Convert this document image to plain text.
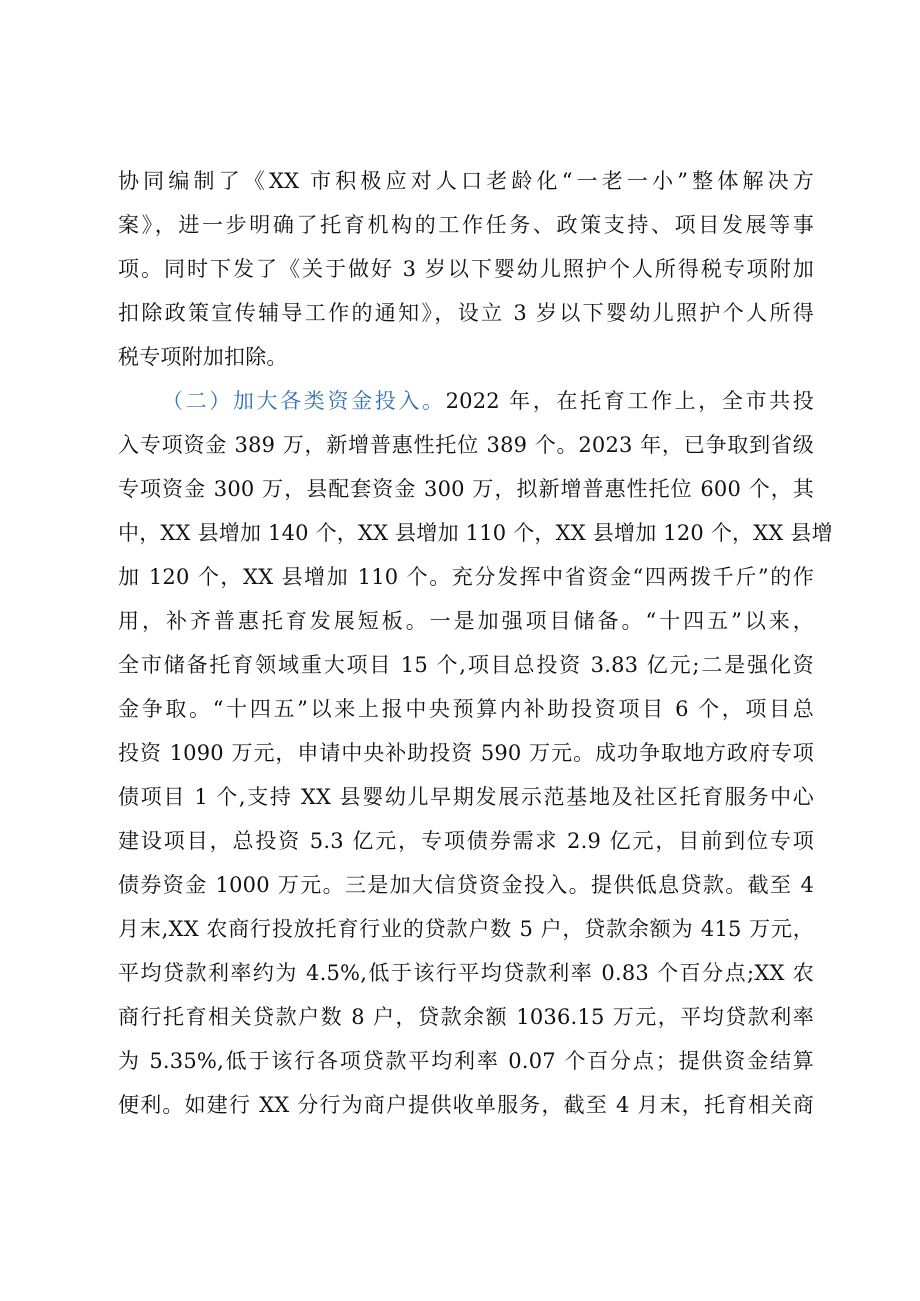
协同编制了《XX 市积极应对人口老龄化“一老一小”整体解决方
案》，进一步明确了托育机构的工作任务、政策支持、项目发展等事
项。同时下发了《关于做好 3 岁以下婴幼儿照护个人所得税专项附加
扣除政策宣传辅导工作的通知》，设立 3 岁以下婴幼儿照护个人所得
税专项附加扣除。
（二）加大各类资金投入。2022 年，在托育工作上，全市共投
入专项资金 389 万，新增普惠性托位 389 个。2023 年，已争取到省级
专项资金 300 万，县配套资金 300 万，拟新增普惠性托位 600 个，其
中，XX 县增加 140 个，XX 县增加 110 个，XX 县增加 120 个，XX 县增
加 120 个，XX 县增加 110 个。充分发挥中省资金“四两拨千斤”的作
用，补齐普惠托育发展短板。一是加强项目储备。“十四五”以来，
全市储备托育领域重大项目 15 个,项目总投资 3.83 亿元;二是强化资
金争取。“十四五”以来上报中央预算内补助投资项目 6 个，项目总
投资 1090 万元，申请中央补助投资 590 万元。成功争取地方政府专项
债项目 1 个,支持 XX 县婴幼儿早期发展示范基地及社区托育服务中心
建设项目，总投资 5.3 亿元，专项债券需求 2.9 亿元，目前到位专项
债券资金 1000 万元。三是加大信贷资金投入。提供低息贷款。截至 4
月末,XX 农商行投放托育行业的贷款户数 5 户，贷款余额为 415 万元，
平均贷款利率约为 4.5%,低于该行平均贷款利率 0.83 个百分点;XX 农
商行托育相关贷款户数 8 户，贷款余额 1036.15 万元，平均贷款利率
为 5.35%,低于该行各项贷款平均利率 0.07 个百分点；提供资金结算
便利。如建行 XX 分行为商户提供收单服务，截至 4 月末，托育相关商
